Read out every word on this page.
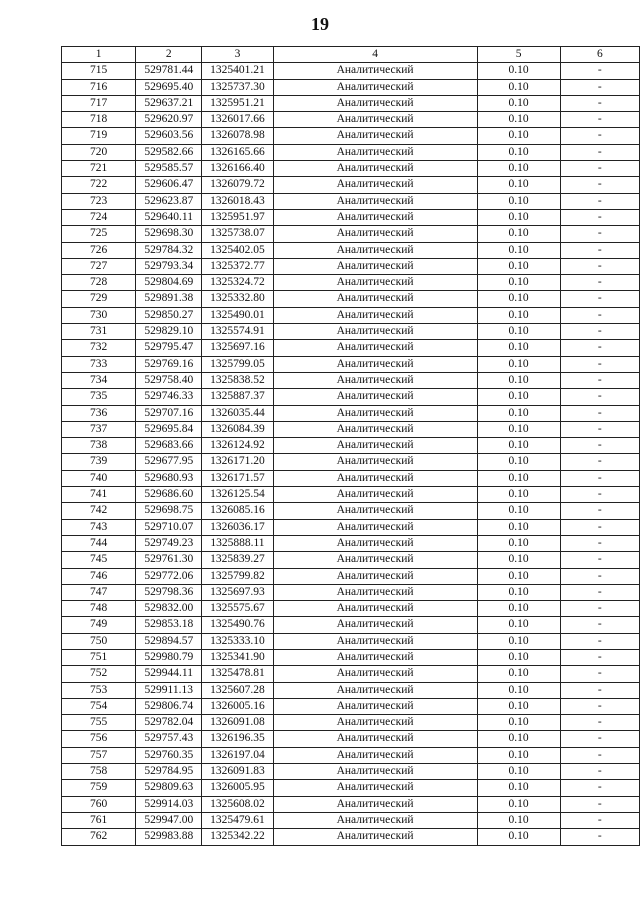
19
1	2	3	4	5	6
715	529781.44	1325401.21	Аналитический	0.10	-
716	529695.40	1325737.30	Аналитический	0.10	-
717	529637.21	1325951.21	Аналитический	0.10	-
718	529620.97	1326017.66	Аналитический	0.10	-
719	529603.56	1326078.98	Аналитический	0.10	-
720	529582.66	1326165.66	Аналитический	0.10	-
721	529585.57	1326166.40	Аналитический	0.10	-
722	529606.47	1326079.72	Аналитический	0.10	-
723	529623.87	1326018.43	Аналитический	0.10	-
724	529640.11	1325951.97	Аналитический	0.10	-
725	529698.30	1325738.07	Аналитический	0.10	-
726	529784.32	1325402.05	Аналитический	0.10	-
727	529793.34	1325372.77	Аналитический	0.10	-
728	529804.69	1325324.72	Аналитический	0.10	-
729	529891.38	1325332.80	Аналитический	0.10	-
730	529850.27	1325490.01	Аналитический	0.10	-
731	529829.10	1325574.91	Аналитический	0.10	-
732	529795.47	1325697.16	Аналитический	0.10	-
733	529769.16	1325799.05	Аналитический	0.10	-
734	529758.40	1325838.52	Аналитический	0.10	-
735	529746.33	1325887.37	Аналитический	0.10	-
736	529707.16	1326035.44	Аналитический	0.10	-
737	529695.84	1326084.39	Аналитический	0.10	-
738	529683.66	1326124.92	Аналитический	0.10	-
739	529677.95	1326171.20	Аналитический	0.10	-
740	529680.93	1326171.57	Аналитический	0.10	-
741	529686.60	1326125.54	Аналитический	0.10	-
742	529698.75	1326085.16	Аналитический	0.10	-
743	529710.07	1326036.17	Аналитический	0.10	-
744	529749.23	1325888.11	Аналитический	0.10	-
745	529761.30	1325839.27	Аналитический	0.10	-
746	529772.06	1325799.82	Аналитический	0.10	-
747	529798.36	1325697.93	Аналитический	0.10	-
748	529832.00	1325575.67	Аналитический	0.10	-
749	529853.18	1325490.76	Аналитический	0.10	-
750	529894.57	1325333.10	Аналитический	0.10	-
751	529980.79	1325341.90	Аналитический	0.10	-
752	529944.11	1325478.81	Аналитический	0.10	-
753	529911.13	1325607.28	Аналитический	0.10	-
754	529806.74	1326005.16	Аналитический	0.10	-
755	529782.04	1326091.08	Аналитический	0.10	-
756	529757.43	1326196.35	Аналитический	0.10	-
757	529760.35	1326197.04	Аналитический	0.10	-
758	529784.95	1326091.83	Аналитический	0.10	-
759	529809.63	1326005.95	Аналитический	0.10	-
760	529914.03	1325608.02	Аналитический	0.10	-
761	529947.00	1325479.61	Аналитический	0.10	-
762	529983.88	1325342.22	Аналитический	0.10	-
